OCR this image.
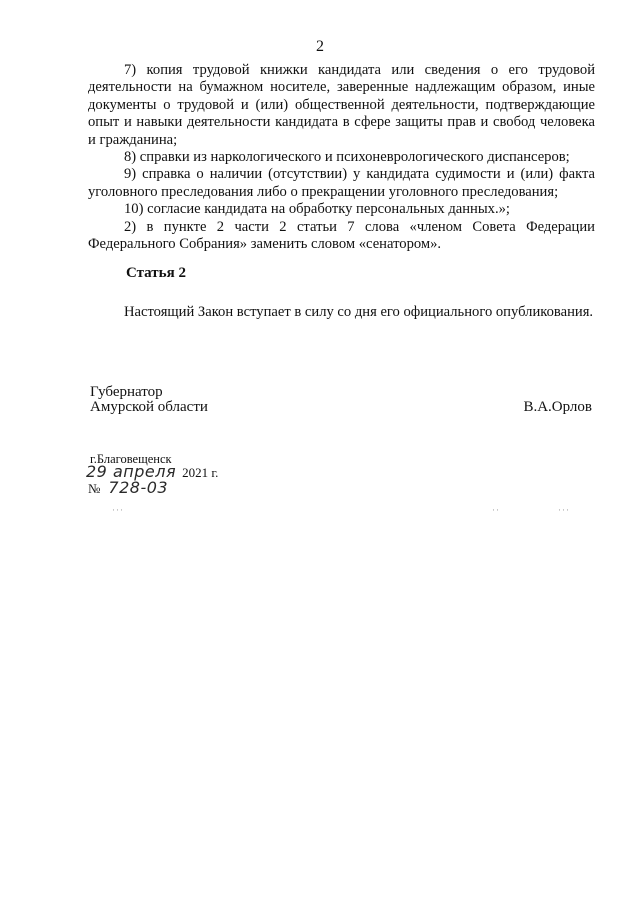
2

7) копия трудовой книжки кандидата или сведения о его трудовой деятельности на бумажном носителе, заверенные надлежащим образом, иные документы о трудовой и (или) общественной деятельности, подтверждающие опыт и навыки деятельности кандидата в сфере защиты прав и свобод человека и гражданина;

8) справки из наркологического и психоневрологического диспансеров;

9) справка о наличии (отсутствии) у кандидата судимости и (или) факта уголовного преследования либо о прекращении уголовного преследования;

10) согласие кандидата на обработку персональных данных.»;

2) в пункте 2 части 2 статьи 7 слова «членом Совета Федерации Федерального Собрания» заменить словом «сенатором».

Статья 2

Настоящий Закон вступает в силу со дня его официального опубликования.

Губернатор
Амурской области	В.А.Орлов
г.Благовещенск
29 апреля 2021 г.
№ 728-03
···	··	···
